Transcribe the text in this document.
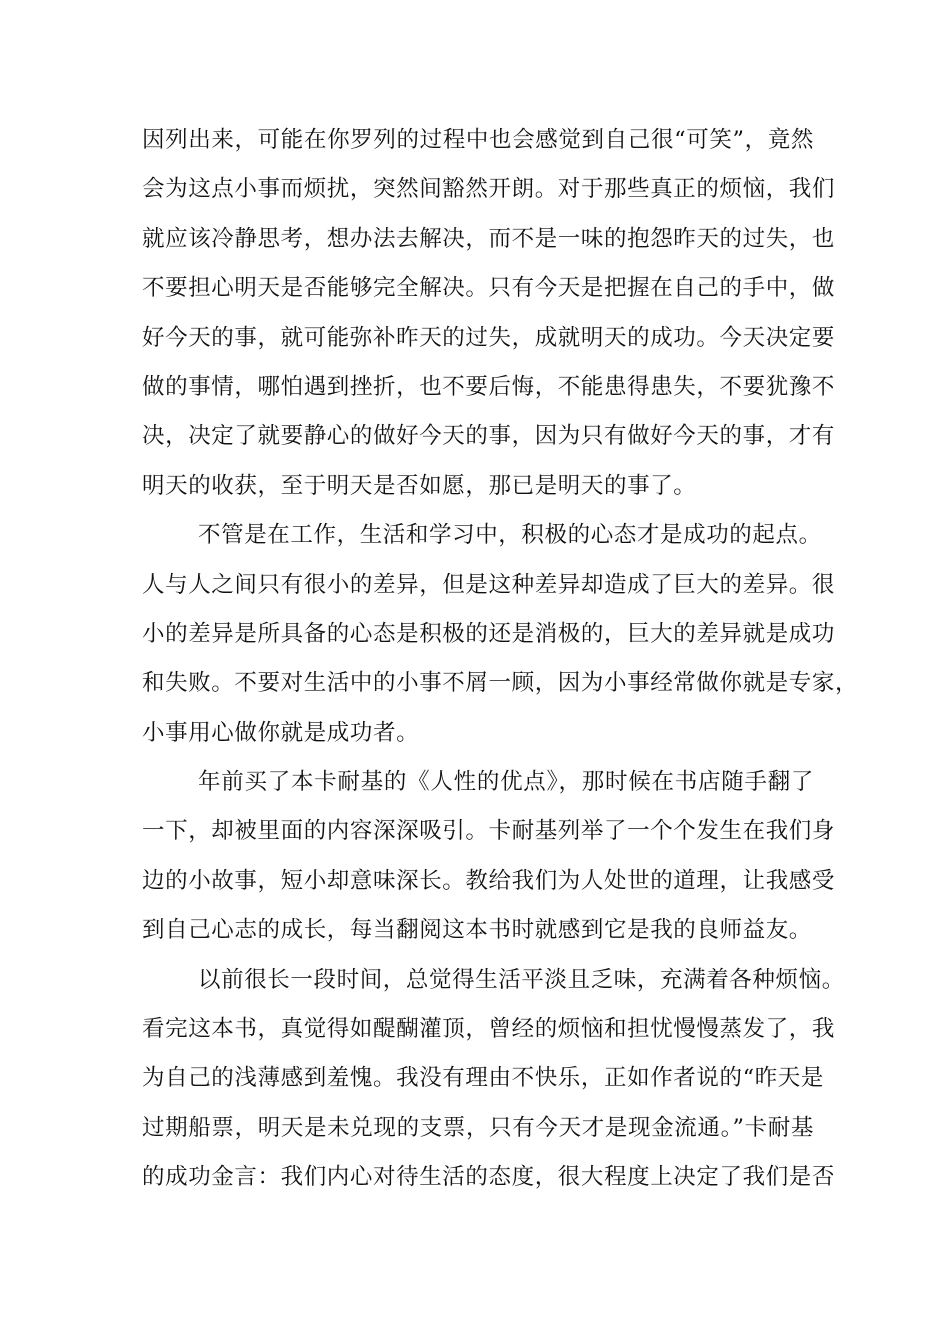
因列出来，可能在你罗列的过程中也会感觉到自己很“可笑”，竟然
会为这点小事而烦扰，突然间豁然开朗。对于那些真正的烦恼，我们
就应该冷静思考，想办法去解决，而不是一味的抱怨昨天的过失，也
不要担心明天是否能够完全解决。只有今天是把握在自己的手中，做
好今天的事，就可能弥补昨天的过失，成就明天的成功。今天决定要
做的事情，哪怕遇到挫折，也不要后悔，不能患得患失，不要犹豫不
决，决定了就要静心的做好今天的事，因为只有做好今天的事，才有
明天的收获，至于明天是否如愿，那已是明天的事了。
不管是在工作，生活和学习中，积极的心态才是成功的起点。
人与人之间只有很小的差异，但是这种差异却造成了巨大的差异。很
小的差异是所具备的心态是积极的还是消极的，巨大的差异就是成功
和失败。不要对生活中的小事不屑一顾，因为小事经常做你就是专家，
小事用心做你就是成功者。
年前买了本卡耐基的《人性的优点》，那时候在书店随手翻了
一下，却被里面的内容深深吸引。卡耐基列举了一个个发生在我们身
边的小故事，短小却意味深长。教给我们为人处世的道理，让我感受
到自己心志的成长，每当翻阅这本书时就感到它是我的良师益友。
以前很长一段时间，总觉得生活平淡且乏味，充满着各种烦恼。
看完这本书，真觉得如醍醐灌顶，曾经的烦恼和担忧慢慢蒸发了，我
为自己的浅薄感到羞愧。我没有理由不快乐，正如作者说的“昨天是
过期船票，明天是未兑现的支票，只有今天才是现金流通。”卡耐基
的成功金言：我们内心对待生活的态度，很大程度上决定了我们是否
